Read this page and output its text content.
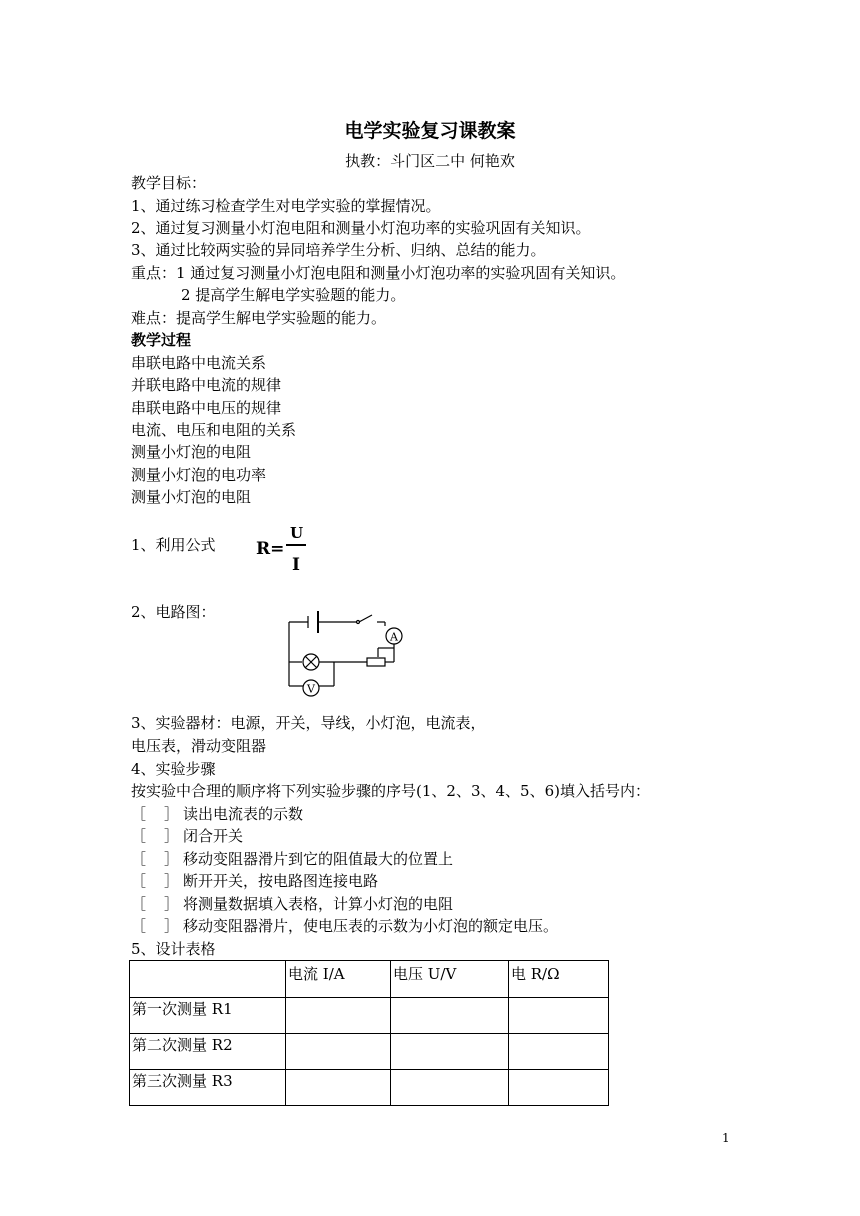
电学实验复习课教案
执教：斗门区二中 何艳欢
教学目标：
1、通过练习检查学生对电学实验的掌握情况。
2、通过复习测量小灯泡电阻和测量小灯泡功率的实验巩固有关知识。
3、通过比较两实验的异同培养学生分析、归纳、总结的能力。
重点：1 通过复习测量小灯泡电阻和测量小灯泡功率的实验巩固有关知识。
2 提高学生解电学实验题的能力。
难点：提高学生解电学实验题的能力。
教学过程
串联电路中电流关系
并联电路中电流的规律
串联电路中电压的规律
电流、电压和电阻的关系
测量小灯泡的电阻
测量小灯泡的电功率
测量小灯泡的电阻
1、利用公式 R=
U
I
2、电路图：
A
V
3、实验器材：电源，开关，导线，小灯泡，电流表，
电压表，滑动变阻器
4、实验步骤
按实验中合理的顺序将下列实验步骤的序号(1、2、3、4、5、6)填入括号内：
［ ］ 读出电流表的示数
［ ］ 闭合开关
［ ］ 移动变阻器滑片到它的阻值最大的位置上
［ ］ 断开开关，按电路图连接电路
［ ］ 将测量数据填入表格，计算小灯泡的电阻
［ ］ 移动变阻器滑片，使电压表的示数为小灯泡的额定电压。
5、设计表格
	电流 I/A	电压 U/V	电 R/Ω
第一次测量 R1			
第二次测量 R2			
第三次测量 R3			
1
